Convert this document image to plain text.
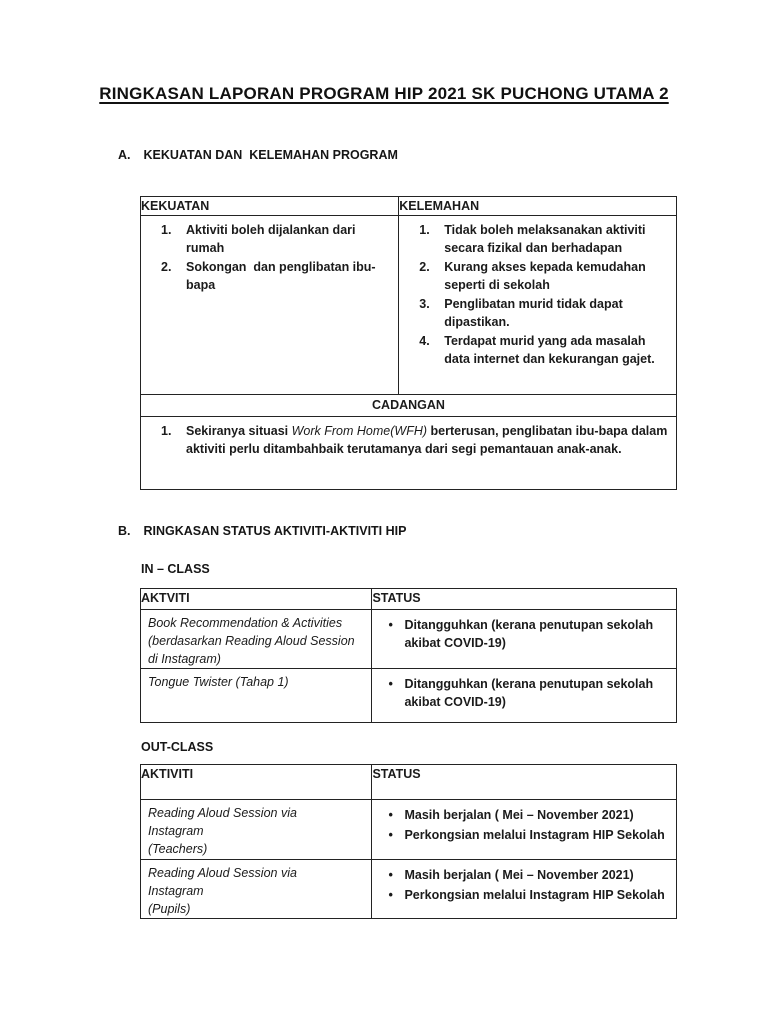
RINGKASAN LAPORAN PROGRAM HIP 2021 SK PUCHONG UTAMA 2
A. KEKUATAN DAN  KELEMAHAN PROGRAM
KEKUATAN	KELEMAHAN

Aktiviti boleh dijalankan dari rumah
Sokongan  dan penglibatan ibu-bapa

Tidak boleh melaksanakan aktiviti secara fizikal dan berhadapan
Kurang akses kepada kemudahan seperti di sekolah
Penglibatan murid tidak dapat dipastikan.
Terdapat murid yang ada masalah data internet dan kekurangan gajet.

CADANGAN	

Sekiranya situasi Work From Home(WFH) berterusan, penglibatan ibu-bapa dalam aktiviti perlu ditambahbaik terutamanya dari segi pemantauan anak-anak.
B. RINGKASAN STATUS AKTIVITI-AKTIVITI HIP
IN – CLASS
AKTVITI	STATUS

Book Recommendation & Activities (berdasarkan Reading Aloud Session di Instagram)

• Ditangguhkan (kerana penutupan sekolah akibat COVID-19)

Tongue Twister (Tahap 1)

•Ditangguhkan (kerana penutupan sekolah akibat COVID-19)
OUT-CLASS
AKTIVITI	STATUS

Reading Aloud Session via
Instagram
(Teachers)

• Masih berjalan ( Mei – November 2021)
• Perkongsian melalui Instagram HIP Sekolah

Reading Aloud Session via
Instagram
(Pupils)

• Masih berjalan ( Mei – November 2021)
• Perkongsian melalui Instagram HIP Sekolah
